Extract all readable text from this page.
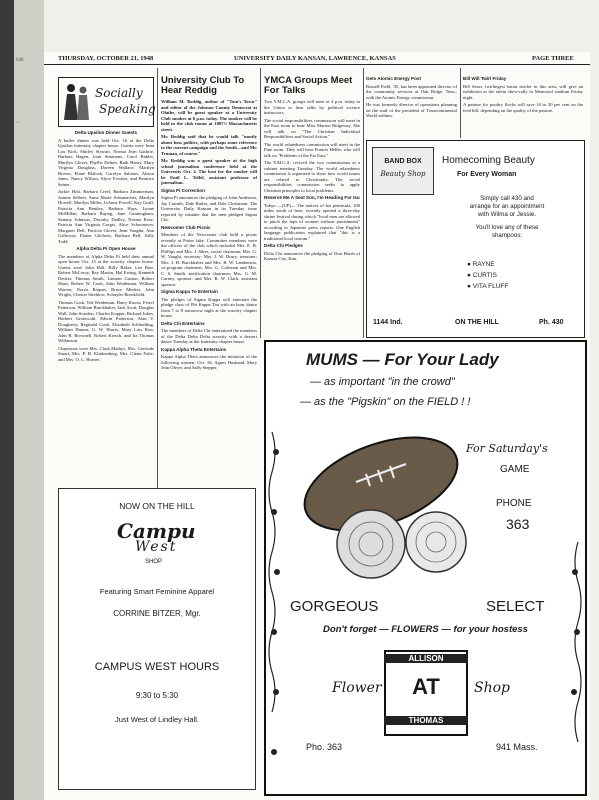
048
...
THURSDAY, OCTOBER 21, 1948	UNIVERSITY DAILY KANSAN, LAWRENCE, KANSAS	PAGE THREE
Socially
Speaking

Delta Upsilon Dinner Guests

A buffet dinner was held Oct. 16 at the Delta Upsilon fraternity chapter house. Guests were Irma Lou Kick, Shirley Stewart, Norma Jean Guthrie, Barbara Hagen, Joan Simmons, Carol Bubler, Marilyn Glover, Phyllis Delton, Ruth Henry, Mary Virginia Douglass, Doreen Wallace, Marilyn Brown, Elane Blalock, Carolyn Sabatos, Alison Janes, Nancy Wilson, Alyce Fowkes, and Beatrice Seiner.

Jackie Holt, Barbara Creel, Barbara Zimmerman, Joanne Selbert, Anna Marie Schumacher, Marilyn Howell, Marilyn Miller, JoAnne Powell, Kay Graff, Patricia Ann Bentley, Barbara Hays, Lynne McMillan, Barbara Bujing, Jane Cunningham, Sammy Johnson, Dorothy Dudley, Norma Rose, Patricia Ann Virginia Gorgis, Alice Schoonover, Margaret Dell, Patricia Glover, Jean Vaughn, Ann Galloway, Elaine Gilchrist, Barbara Bell, Sally Todd.

Alpha Delta Pi Open House

The members of Alpha Delta Pi held their annual open house Oct. 15 at the sorority chapter house. Guests were John Hall, Billy Baker, Lee Barr, Robert McLeroy, Ray Martin, Hal Ewing, Kenneth Decker, Thomas Smith, Lamont Gaston, Robert Shaw, Robert W. Cook, John Weideman, William Warren, Norris Roquet, Bruce Meeker, John Wright, Chester Strehlow, Schuyler Brookfield.

Thomas Cook, Ted Weideman, Harry Koons, Ferrel Patterson, William Burckhalter, Jack Scott, Douglas Wall, John Scanlon, Charles Kopper, Richard Jukes, Herbert Grotewohl, Edwin Patterson, Alan V. Dougherty, Reginald Cook, Elizabeth Schlindling, William Hauser, G. W. Harris, Mary Lois Raw, John B. Brownell, Robert Kresch, and Ira Thomas Wilkinson.

Chaperons were Mrs. Clark Mathys, Mrs. Gertrude Stuart, Mrs. P. H. Klinkenberg, Mrs. Glenn Fultz, and Mrs. O. L. Horner.

University Club To Hear Reddig

William M. Reddig, author of "Tom's Town" and editor of the Johnson County Democrat at Olathe, will be guest speaker at a University Club smoker at 8 p.m. today. The smoker will be held in the club rooms at 1007½ Massachusetts street.

Mr. Reddig said that he would talk "mostly about boss politics, with perhaps some reference to the current campaign and the South—and Mr. Truman, of course."

Mr. Reddig was a guest speaker at the high school journalism conference held at the University Oct. 2. The host for the smoker will be Emil L. Telfel, assistant professor of journalism.

Sigma Pi Correction

Sigma Pi announces the pledging of John Anderson, Jay Carruth, Dale Butler, and Dale Christman. The University Daily Kansan in its Tuesday issue reported by mistake that the men pledged Sigma Chi.

Newcomer Club Picnic

Members of the Newcomer club held a picnic recently at Potter lake. Committee members were the officers of the club which included Mrs. E. B. Phillips and Mrs. J. Sikes, social chairman; Mrs. G. W. Vaught, secretary; Mrs. J. W. Drury, treasurer; Mrs. J. H. Burckhalter and Mrs. R. W. Lamberton, co-program chairmen; Mrs. G. Coleman and Mrs. C. S. Smith, notification chairmen; Mrs. G. M. Carney, sponsor; and Mrs. R. W. Clark, assistant sponsor.

Sigma Kappa To Entertain

The pledges of Sigma Kappa will entertain the pledge class of Phi Kappa Tau with an hour dance from 7 to 8 tomorrow night at the sorority chapter house.

Delta Chi Entertains

The members of Delta Chi entertained the members of the Delta Delta Delta sorority with a dessert dance Tuesday at the fraternity chapter house.

Kappa Alpha Theta Entertains

Kappa Alpha Theta announces the initiation of the following women: Oct. 16: Agnes Husband, Mary Jean Oliver, and Sally Stepper.

YMCA Groups Meet For Talks

Two Y.M.C.A. groups will meet at 4 p.m. today in the Union to hear talks by political science instructors.

The social responsibilities commission will meet in the East room to hear Miss Marion Ridgeway. She will talk on "The Christian Individual Responsibilities and Social Action."

The world relatedness commission will meet in the Pine room. They will hear Francis Heller, who will talk on "Problems of the Far East."

The Y.M.C.A. revived the two commissions at a cabinet meeting Tuesday. The world relatedness commission is organized to show how world issues are related to Christianity. The social responsibilities commission seeks to apply Christian principles to local problems.

Reserve Me A Seat Son, I'm Heading For Isu

Tokyo —(UP)— The natives of Izu peninsula, 100 miles south of here, recently opened a three-day shrine festival during which "local men are allowed to pinch the hips of women without punishment" according to Japanese press reports. One English language publication explained that "this is a traditional local custom."

Delta Chi Pledges

Delta Chi announces the pledging of Don Hursh of Kansas City, Kan.

Gets Atomic Energy Post

Russell Field, '35, has been appointed director of the community services at Oak Ridge, Tenn., with the Atomic Energy commission.

He was formerly director of operations planning on the staff of the president of Transcontinental World airlines.

Bill Will Twirl Friday

Bill Sears, twirlingest baton twirler in this area, will give an exhibition at the talent show-rally in Memorial stadium Friday night.

A pasture for poultry flocks will save 10 to 30 per cent on the feed bill, depending on the quality of the pasture.

BAND BOX
Beauty Shop
Homecoming Beauty
For Every Woman
Simply call 430 and
arrange for an appointment
with Wilma or Jessie.
You'll love any of these
shampoos:
● RAYNE
● CURTIS
● VITA FLUFF
1144 Ind.	ON THE HILL	Ph. 430
NOW ON THE HILL
Campu
West
SHOP
Featuring Smart Feminine Apparel
CORRINE BITZER, Mgr.
CAMPUS WEST HOURS
9:30 to 5:30
Just West of Lindley Hall.
MUMS — For Your Lady
— as important "in the crowd"
— as the "Pigskin" on the FIELD ! !
For Saturday's
GAME
PHONE
363
GORGEOUS	SELECT
Don't forget — FLOWERS — for your hostess
ALLISON
AT
THOMAS
Flower	Shop
Pho. 363	941 Mass.
